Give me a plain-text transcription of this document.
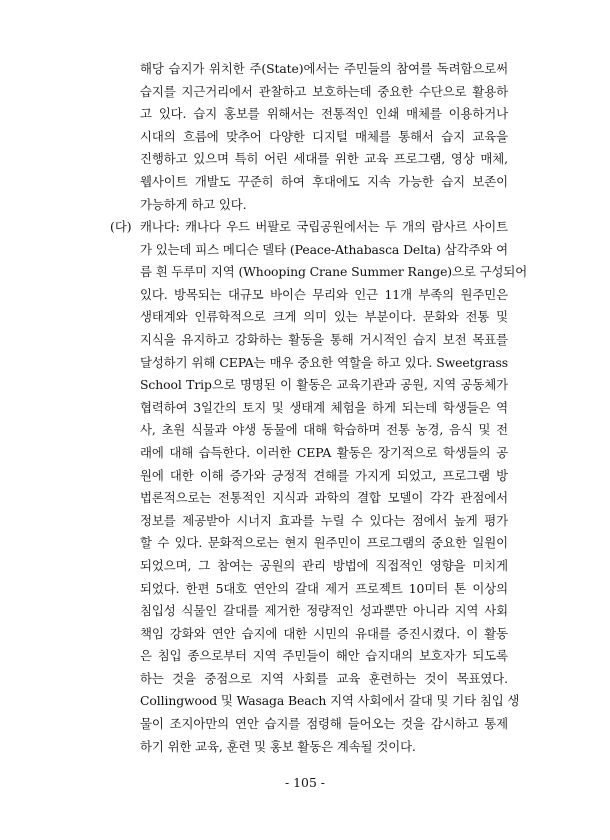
해당 습지가 위치한 주(State)에서는 주민들의 참여를 독려함으로써
습지를 지근거리에서 관찰하고 보호하는데 중요한 수단으로 활용하
고 있다. 습지 홍보를 위해서는 전통적인 인쇄 매체를 이용하거나
시대의 흐름에 맞추어 다양한 디지털 매체를 통해서 습지 교육을
진행하고 있으며 특히 어린 세대를 위한 교육 프로그램, 영상 매체,
웹사이트 개발도 꾸준히 하여 후대에도 지속 가능한 습지 보존이
가능하게 하고 있다.
(다) 캐나다: 캐나다 우드 버팔로 국립공원에서는 두 개의 람사르 사이트
가 있는데 피스 메디슨 델타 (Peace-Athabasca Delta) 삼각주와 여
름 흰 두루미 지역 (Whooping Crane Summer Range)으로 구성되어
있다. 방목되는 대규모 바이슨 무리와 인근 11개 부족의 원주민은
생태계와 인류학적으로 크게 의미 있는 부분이다. 문화와 전통 및
지식을 유지하고 강화하는 활동을 통해 거시적인 습지 보전 목표를
달성하기 위해 CEPA는 매우 중요한 역할을 하고 있다. Sweetgrass
School Trip으로 명명된 이 활동은 교육기관과 공원, 지역 공동체가
협력하여 3일간의 토지 및 생태계 체험을 하게 되는데 학생들은 역
사, 초원 식물과 야생 동물에 대해 학습하며 전통 농경, 음식 및 전
래에 대해 습득한다. 이러한 CEPA 활동은 장기적으로 학생들의 공
원에 대한 이해 증가와 긍정적 견해를 가지게 되었고, 프로그램 방
법론적으로는 전통적인 지식과 과학의 결합 모델이 각각 관점에서
정보를 제공받아 시너지 효과를 누릴 수 있다는 점에서 높게 평가
할 수 있다. 문화적으로는 현지 원주민이 프로그램의 중요한 일원이
되었으며, 그 참여는 공원의 관리 방법에 직접적인 영향을 미치게
되었다. 한편 5대호 연안의 갈대 제거 프로젝트 10미터 톤 이상의
침입성 식물인 갈대를 제거한 정량적인 성과뿐만 아니라 지역 사회
책임 강화와 연안 습지에 대한 시민의 유대를 증진시켰다. 이 활동
은 침입 종으로부터 지역 주민들이 해안 습지대의 보호자가 되도록
하는 것을 중점으로 지역 사회를 교육 훈련하는 것이 목표였다.
Collingwood 및 Wasaga Beach 지역 사회에서 갈대 및 기타 침입 생
물이 조지아만의 연안 습지를 점령해 들어오는 것을 감시하고 통제
하기 위한 교육, 훈련 및 홍보 활동은 계속될 것이다.
- 105 -
